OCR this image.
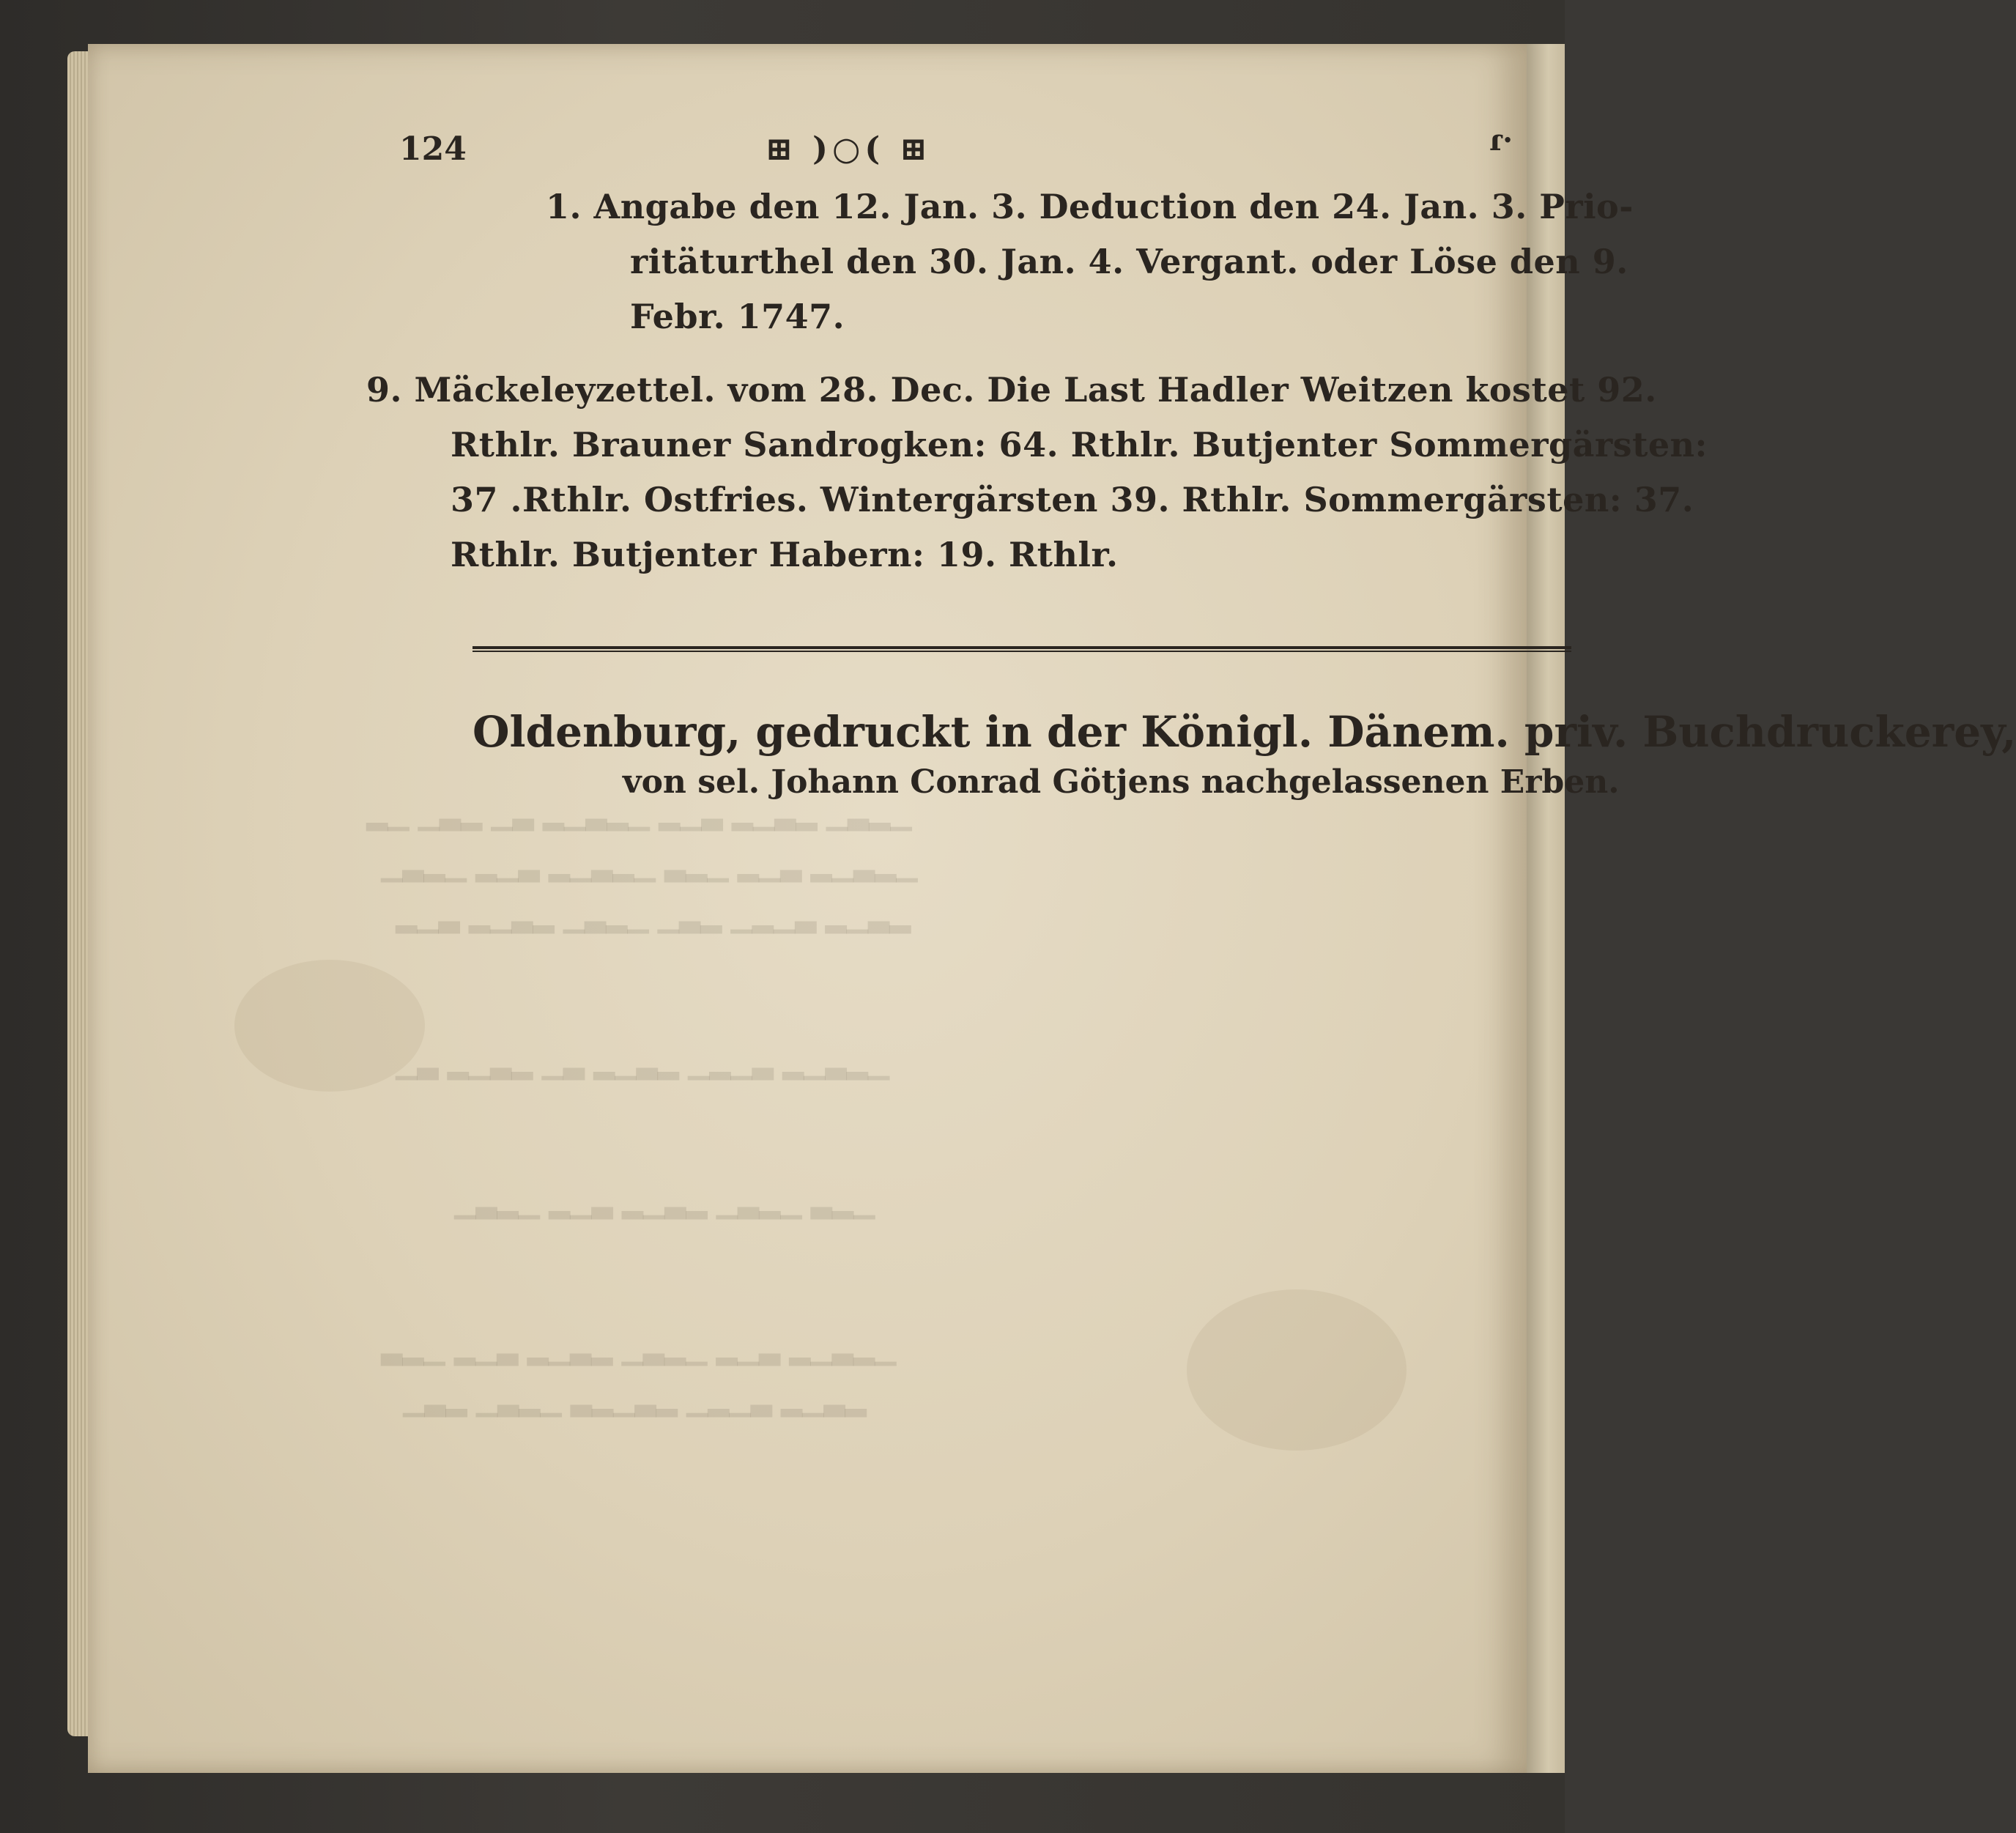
▁▂▃▁ ▂▃▁▂ ▃▁▂ ▁▂▃▁▂ ▃▁ ▂▃▁ ▁▂
▁▂▃▁▂ ▃▁▂ ▁▂▃ ▁▂▃▁▂ ▃▁▂ ▁▂▃▁
▂▃▁▂ ▃▁▂▁ ▂▃▁ ▁▂▃▁ ▂▃▁▂ ▃▁▂
▁▂▃▁▂ ▃▁▂▁ ▂▃▁▂ ▃▁ ▂▃▁▂ ▃▁
▁▂▃ ▁▂▃▁ ▂▃▁▂ ▃▁▂ ▁▂▃▁
▁▂▃▁▂ ▃▁▂ ▁▂▃▁ ▂▃▁▂ ▃▁▂ ▁▂▃
▂▃▁▂ ▃▁▂▁ ▂▃▁▂▃ ▁▂▃▁ ▂▃▁
124	⊞ )○( ⊞	ɾ·
1. Angabe den 12. Jan. 3. Deduction den 24. Jan. 3. Prio-
ritäturthel den 30. Jan. 4. Vergant. oder Löse den 9.
Febr. 1747.
9. Mäckeleyzettel. vom 28. Dec. Die Last Hadler Weitzen kostet 92.
Rthlr. Brauner Sandrogken: 64. Rthlr. Butjenter Sommergärsten:
37 .Rthlr. Ostfries. Wintergärsten 39. Rthlr. Sommergärsten: 37.
Rthlr. Butjenter Habern: 19. Rthlr.
Oldenburg, gedruckt in der Königl. Dänem. priv. Buchdruckerey,
von sel. Johann Conrad Götjens nachgelassenen Erben.
